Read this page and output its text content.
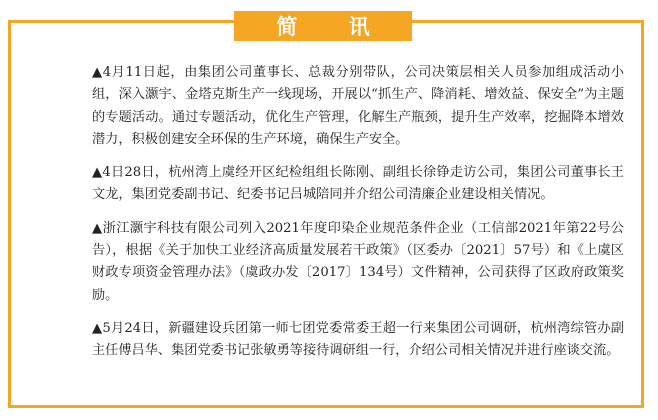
简 讯

▲4月11日起，由集团公司董事长、总裁分别带队，公司决策层相关人员参加组成活动小组，深入灏宇、金塔克斯生产一线现场，开展以“抓生产、降消耗、增效益、保安全”为主题的专题活动。通过专题活动，优化生产管理，化解生产瓶颈，提升生产效率，挖掘降本增效潜力，积极创建安全环保的生产环境，确保生产安全。

▲4日28日，杭州湾上虞经开区纪检组组长陈刚、副组长徐铮走访公司，集团公司董事长王文龙，集团党委副书记、纪委书记吕城陪同并介绍公司清廉企业建设相关情况。

▲浙江灏宇科技有限公司列入2021年度印染企业规范条件企业（工信部2021年第22号公告），根据《关于加快工业经济高质量发展若干政策》（区委办〔2021〕57号）和《上虞区财政专项资金管理办法》（虞政办发〔2017〕134号）文件精神，公司获得了区政府政策奖励。

▲5月24日，新疆建设兵团第一师七团党委常委王超一行来集团公司调研，杭州湾综管办副主任傅吕华、集团党委书记张敏勇等接待调研组一行，介绍公司相关情况并进行座谈交流。
